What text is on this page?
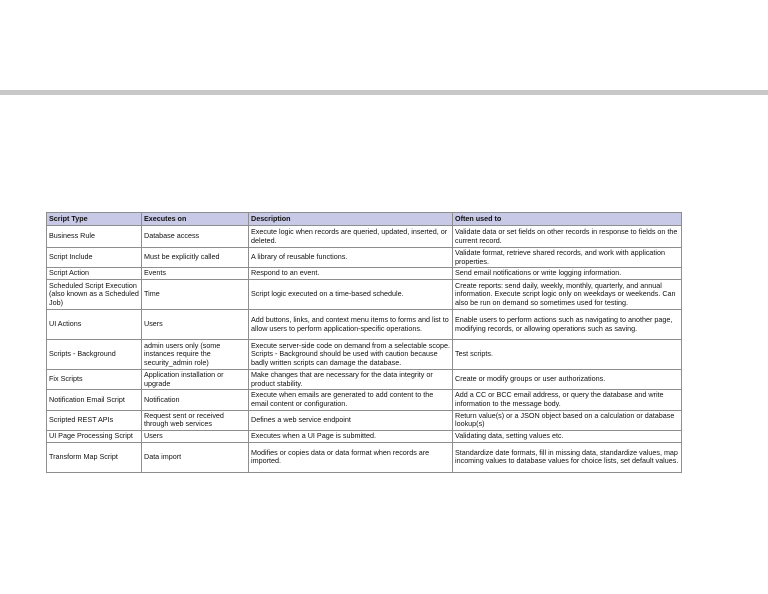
Script Type	Executes on	Description	Often used to
Business Rule	Database access	Execute logic when records are queried, updated, inserted, or deleted.	Validate data or set fields on other records in response to fields on the current record.
Script Include	Must be explicitly called	A library of reusable functions.	Validate format, retrieve shared records, and work with application properties.
Script Action	Events	Respond to an event.	Send email notifications or write logging information.
Scheduled Script Execution (also known as a Scheduled Job)	Time	Script logic executed on a time-based schedule.	Create reports: send daily, weekly, monthly, quarterly, and annual information. Execute script logic only on weekdays or weekends. Can also be run on demand so sometimes used for testing.
UI Actions	Users	Add buttons, links, and context menu items to forms and list to allow users to perform application-specific operations.	Enable users to perform actions such as navigating to another page, modifying records, or allowing operations such as saving.
Scripts - Background	admin users only (some instances require the security_admin role)	Execute server-side code on demand from a selectable scope. Scripts - Background should be used with caution because badly written scripts can damage the database.	Test scripts.
Fix Scripts	Application installation or upgrade	Make changes that are necessary for the data integrity or product stability.	Create or modify groups or user authorizations.
Notification Email Script	Notification	Execute when emails are generated to add content to the email content or configuration.	Add a CC or BCC email address, or query the database and write information to the message body.
Scripted REST APIs	Request sent or received through web services	Defines a web service endpoint	Return value(s) or a JSON object based on a calculation or database lookup(s)
UI Page Processing Script	Users	Executes when a UI Page is submitted.	Validating data, setting values etc.
Transform Map Script	Data import	Modifies or copies data or data format when records are imported.	Standardize date formats, fill in missing data, standardize values, map incoming values to database values for choice lists, set default values.
